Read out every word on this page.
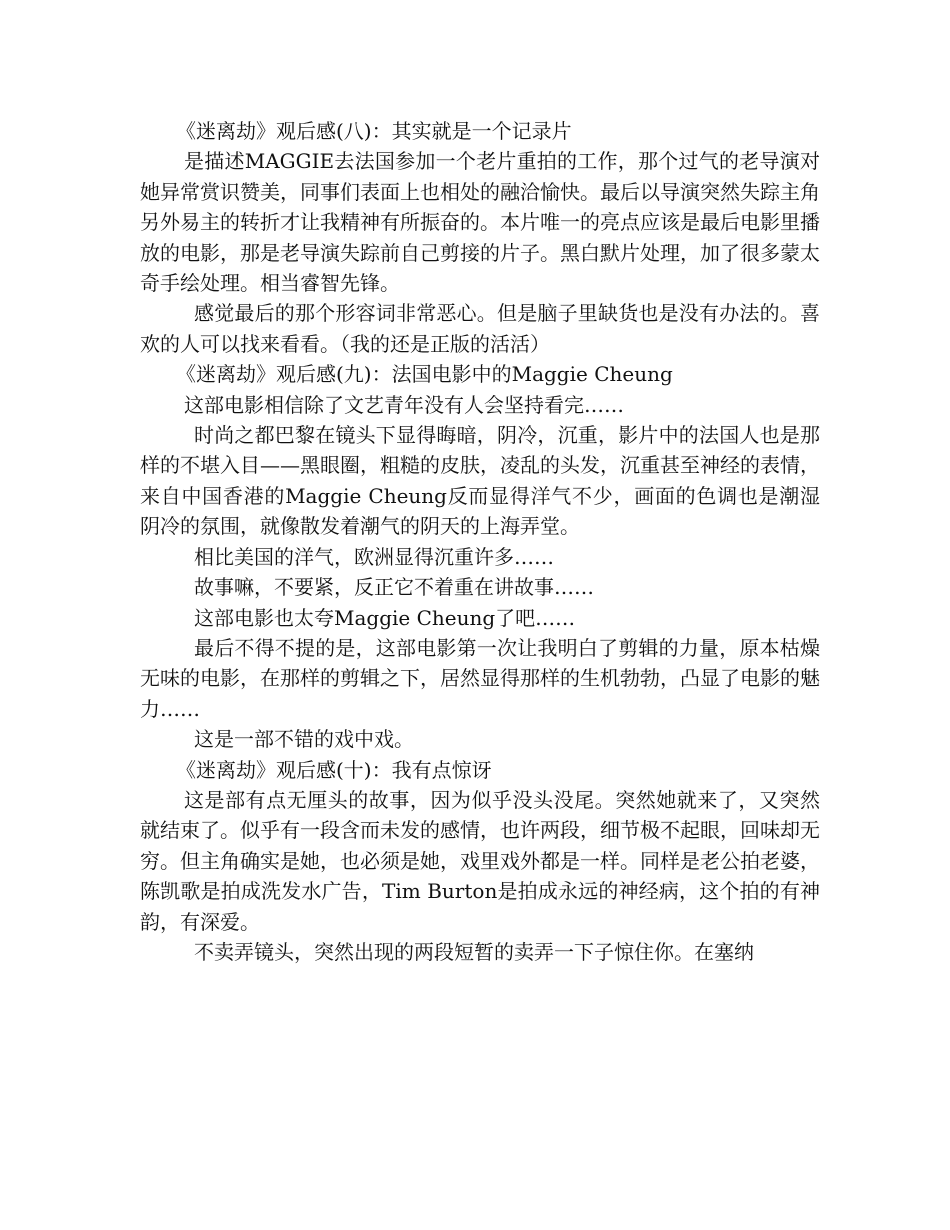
《迷离劫》观后感(八)：其实就是一个记录片

是描述MAGGIE去法国参加一个老片重拍的工作，那个过气的老导演对她异常赏识赞美，同事们表面上也相处的融洽愉快。最后以导演突然失踪主角另外易主的转折才让我精神有所振奋的。本片唯一的亮点应该是最后电影里播放的电影，那是老导演失踪前自己剪接的片子。黑白默片处理，加了很多蒙太奇手绘处理。相当睿智先锋。

感觉最后的那个形容词非常恶心。但是脑子里缺货也是没有办法的。喜欢的人可以找来看看。（我的还是正版的活活）

《迷离劫》观后感(九)：法国电影中的Maggie Cheung

这部电影相信除了文艺青年没有人会坚持看完……

时尚之都巴黎在镜头下显得晦暗，阴冷，沉重，影片中的法国人也是那样的不堪入目——黑眼圈，粗糙的皮肤，凌乱的头发，沉重甚至神经的表情，来自中国香港的Maggie Cheung反而显得洋气不少，画面的色调也是潮湿阴冷的氛围，就像散发着潮气的阴天的上海弄堂。

相比美国的洋气，欧洲显得沉重许多……

故事嘛，不要紧，反正它不着重在讲故事……

这部电影也太夸Maggie Cheung了吧……

最后不得不提的是，这部电影第一次让我明白了剪辑的力量，原本枯燥无味的电影，在那样的剪辑之下，居然显得那样的生机勃勃，凸显了电影的魅力……

这是一部不错的戏中戏。

《迷离劫》观后感(十)：我有点惊讶

这是部有点无厘头的故事，因为似乎没头没尾。突然她就来了，又突然就结束了。似乎有一段含而未发的感情，也许两段，细节极不起眼，回味却无穷。但主角确实是她，也必须是她，戏里戏外都是一样。同样是老公拍老婆，陈凯歌是拍成洗发水广告，Tim Burton是拍成永远的神经病，这个拍的有神韵，有深爱。

不卖弄镜头，突然出现的两段短暂的卖弄一下子惊住你。在塞纳
